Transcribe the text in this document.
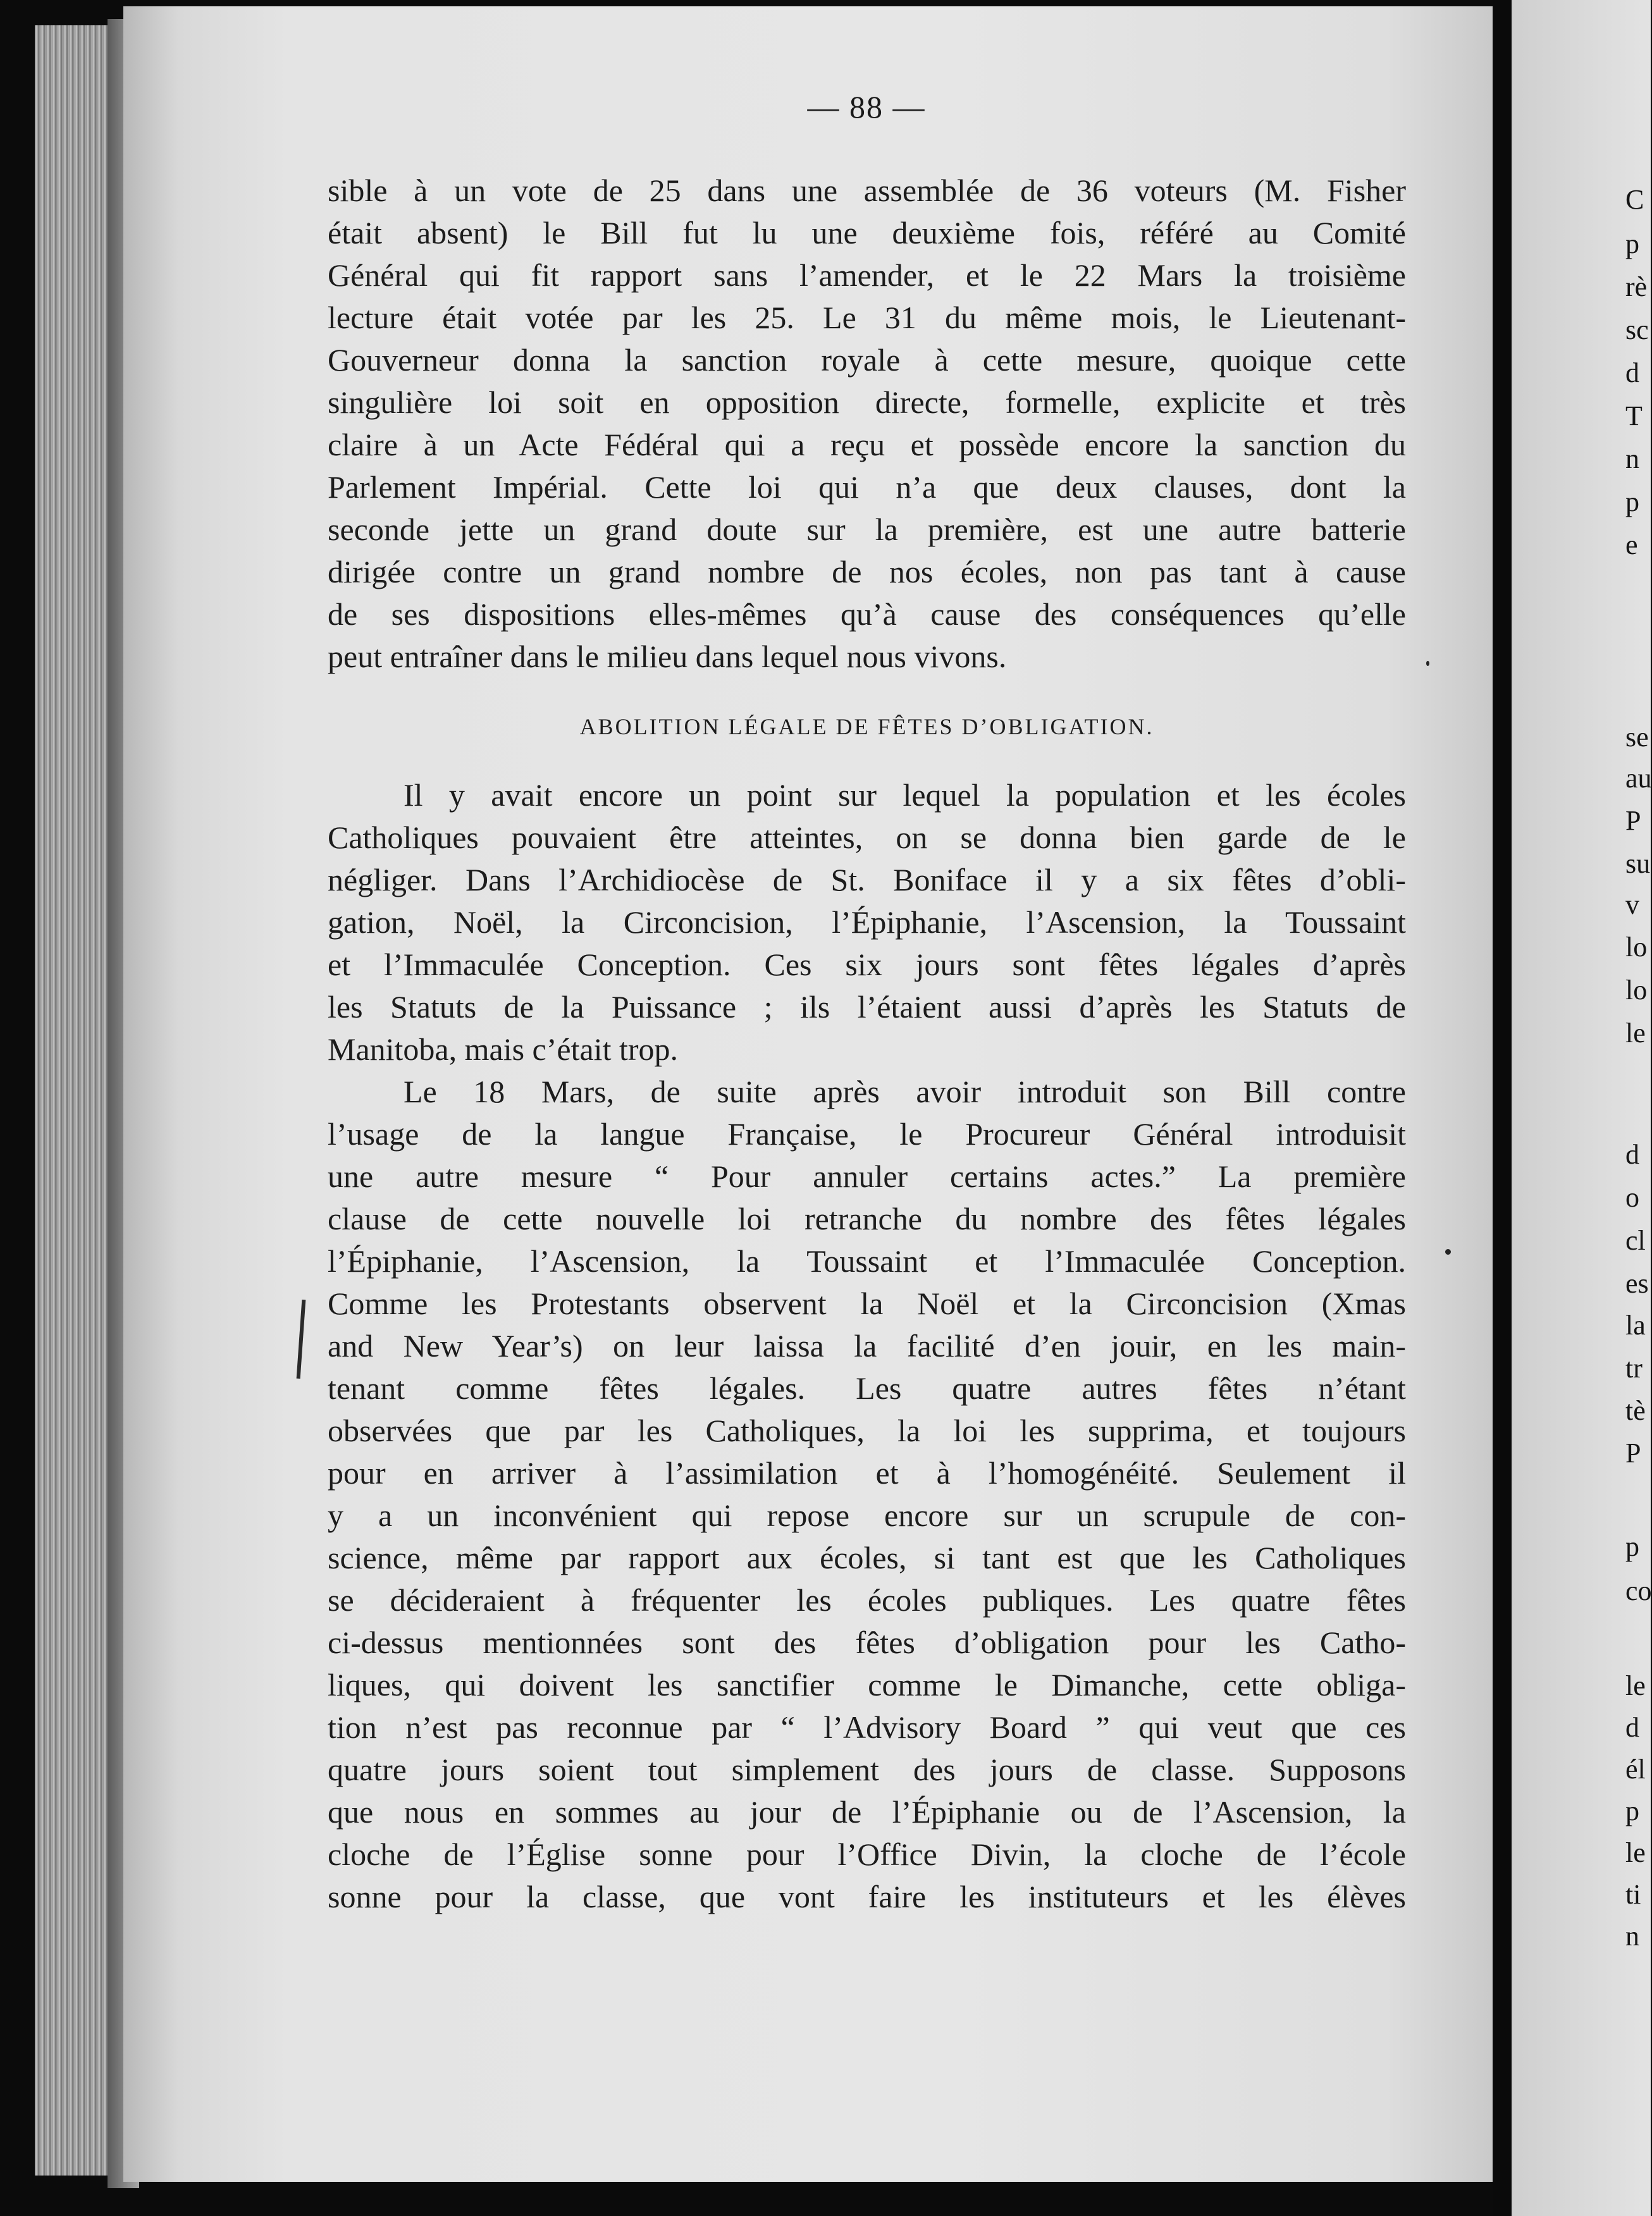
— 88 —
sible à un vote de 25 dans une assemblée de 36 voteurs (M. Fisher
était absent) le Bill fut lu une deuxième fois, référé au Comité
Général qui fit rapport sans l’amender, et le 22 Mars la troisième
lecture était votée par les 25. Le 31 du même mois, le Lieutenant-
Gouverneur donna la sanction royale à cette mesure, quoique cette
singulière loi soit en opposition directe, formelle, explicite et très
claire à un Acte Fédéral qui a reçu et possède encore la sanction du
Parlement Impérial. Cette loi qui n’a que deux clauses, dont la
seconde jette un grand doute sur la première, est une autre batterie
dirigée contre un grand nombre de nos écoles, non pas tant à cause
de ses dispositions elles-mêmes qu’à cause des conséquences qu’elle
peut entraîner dans le milieu dans lequel nous vivons.
ABOLITION LÉGALE DE FÊTES D’OBLIGATION.
Il y avait encore un point sur lequel la population et les écoles
Catholiques pouvaient être atteintes, on se donna bien garde de le
négliger. Dans l’Archidiocèse de St. Boniface il y a six fêtes d’obli-
gation, Noël, la Circoncision, l’Épiphanie, l’Ascension, la Toussaint
et l’Immaculée Conception. Ces six jours sont fêtes légales d’après
les Statuts de la Puissance ; ils l’étaient aussi d’après les Statuts de
Manitoba, mais c’était trop.
Le 18 Mars, de suite après avoir introduit son Bill contre
l’usage de la langue Française, le Procureur Général introduisit
une autre mesure “ Pour annuler certains actes.” La première
clause de cette nouvelle loi retranche du nombre des fêtes légales
l’Épiphanie, l’Ascension, la Toussaint et l’Immaculée Conception.
Comme les Protestants observent la Noël et la Circoncision (Xmas
and New Year’s) on leur laissa la facilité d’en jouir, en les main-
tenant comme fêtes légales. Les quatre autres fêtes n’étant
observées que par les Catholiques, la loi les supprima, et toujours
pour en arriver à l’assimilation et à l’homogénéité. Seulement il
y a un inconvénient qui repose encore sur un scrupule de con-
science, même par rapport aux écoles, si tant est que les Catholiques
se décideraient à fréquenter les écoles publiques. Les quatre fêtes
ci-dessus mentionnées sont des fêtes d’obligation pour les Catho-
liques, qui doivent les sanctifier comme le Dimanche, cette obliga-
tion n’est pas reconnue par “ l’Advisory Board ” qui veut que ces
quatre jours soient tout simplement des jours de classe. Supposons
que nous en sommes au jour de l’Épiphanie ou de l’Ascension, la
cloche de l’Église sonne pour l’Office Divin, la cloche de l’école
sonne pour la classe, que vont faire les instituteurs et les élèves
C
p
rè
sc
d
T
n
p
e
se
au
P
su
v
lo
lo
le
d
o
cl
es
la
tr
tè
P
p
co
le
d
él
p
le
ti
n
